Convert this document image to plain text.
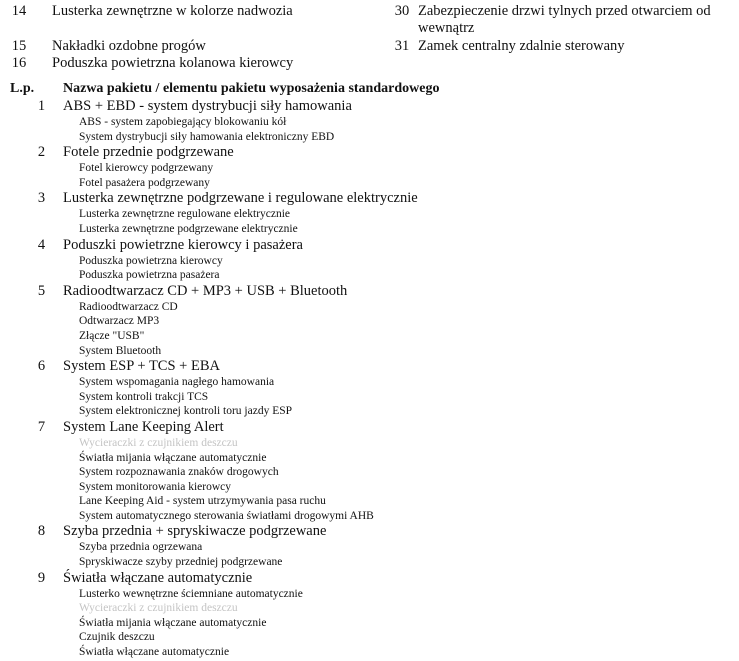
14	Lusterka zewnętrzne w kolorze nadwozia
15	Nakładki ozdobne progów
16	Poduszka powietrzna kolanowa kierowcy
30 Zabezpieczenie drzwi tylnych przed otwarciem od
wewnątrz
31 Zamek centralny zdalnie sterowany
L.p. Nazwa pakietu / elementu pakietu wyposażenia standardowego
1	ABS + EBD - system dystrybucji siły hamowania
ABS - system zapobiegający blokowaniu kół
System dystrybucji siły hamowania elektroniczny EBD
2	Fotele przednie podgrzewane
Fotel kierowcy podgrzewany
Fotel pasażera podgrzewany
3	Lusterka zewnętrzne podgrzewane i regulowane elektrycznie
Lusterka zewnętrzne regulowane elektrycznie
Lusterka zewnętrzne podgrzewane elektrycznie
4	Poduszki powietrzne kierowcy i pasażera
Poduszka powietrzna kierowcy
Poduszka powietrzna pasażera
5	Radioodtwarzacz CD + MP3 + USB + Bluetooth
Radioodtwarzacz CD
Odtwarzacz MP3
Złącze "USB"
System Bluetooth
6	System ESP + TCS + EBA
System wspomagania nagłego hamowania
System kontroli trakcji TCS
System elektronicznej kontroli toru jazdy ESP
7	System Lane Keeping Alert
Wycieraczki z czujnikiem deszczu
Światła mijania włączane automatycznie
System rozpoznawania znaków drogowych
System monitorowania kierowcy
Lane Keeping Aid - system utrzymywania pasa ruchu
System automatycznego sterowania światłami drogowymi AHB
8	Szyba przednia + spryskiwacze podgrzewane
Szyba przednia ogrzewana
Spryskiwacze szyby przedniej podgrzewane
9	Światła włączane automatycznie
Lusterko wewnętrzne ściemniane automatycznie
Wycieraczki z czujnikiem deszczu
Światła mijania włączane automatycznie
Czujnik deszczu
Światła włączane automatycznie
